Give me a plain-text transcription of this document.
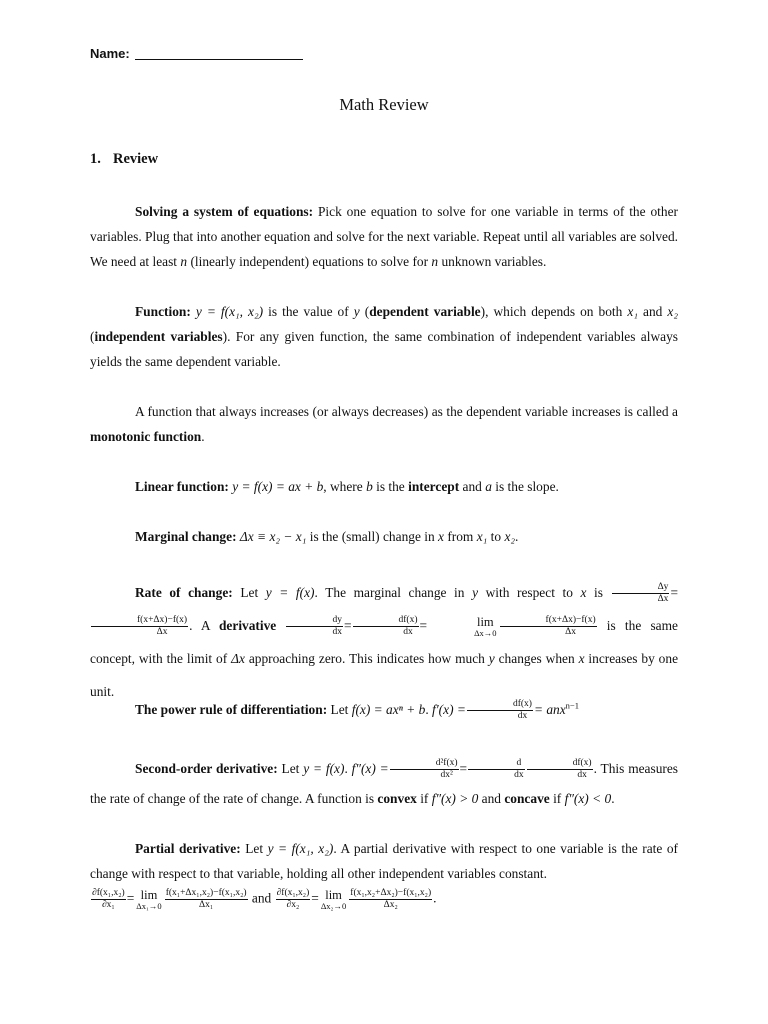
Name:
Math Review
1. Review

Solving a system of equations: Pick one equation to solve for one variable in terms of the other variables. Plug that into another equation and solve for the next variable. Repeat until all variables are solved. We need at least n (linearly independent) equations to solve for n unknown variables.

Function: y = f(x₁, x₂) is the value of y (dependent variable), which depends on both x₁ and x₂ (independent variables). For any given function, the same combination of independent variables always yields the same dependent variable.

A function that always increases (or always decreases) as the dependent variable increases is called a monotonic function.

Linear function: y = f(x) = ax + b, where b is the intercept and a is the slope.

Marginal change: Δx ≡ x₂ − x₁ is the (small) change in x from x₁ to x₂.

Rate of change: Let y = f(x). The marginal change in y with respect to x is $\frac{\Delta y}{\Delta x}$ =
$\frac{f(x+\Delta x)-f(x)}{\Delta x}$ . A derivative $\frac{dy}{dx} = \frac{df(x)}{dx}$ =	lim
$\Delta x\to 0 \frac{f(x+\Delta x)-f(x)}{\Delta x}$ is the same concept, with the limit of Δx approaching zero. This indicates how much y changes when x increases by one unit.

The power rule of differentiation: Let f(x) = axⁿ + b. $f'(x) = \frac{df(x)}{dx} = anx^{n-1}$

Second-order derivative: Let y = f(x). $f''(x) = \frac{\text{d²f(x)}}{\text{dx²}} = \frac{d}{dx} \frac{df(x)}{dx}$ . This measures the rate of change of the rate of change. A function is convex if f″(x) > 0 and concave if f″(x) < 0.

Partial derivative: Let y = f(x₁, x₂). A partial derivative with respect to one variable is the rate of change with respect to that variable, holding all other independent variables constant.

$\frac{\text{∂f(x₁,x₂)}}{\text{∂x₁}} = \lim$
$\Delta x_1\to 0 \frac{\text{f(x₁+Δx₁,x₂)−f(x₁,x₂)}}{\text{Δx₁}}$ and $\frac{\text{∂f(x₁,x₂)}}{\text{∂x₂}} = \lim$
$\Delta x_2\to 0 \frac{\text{f(x₁,x₂+Δx₂)−f(x₁,x₂)}}{\text{Δx₂}}$ .
